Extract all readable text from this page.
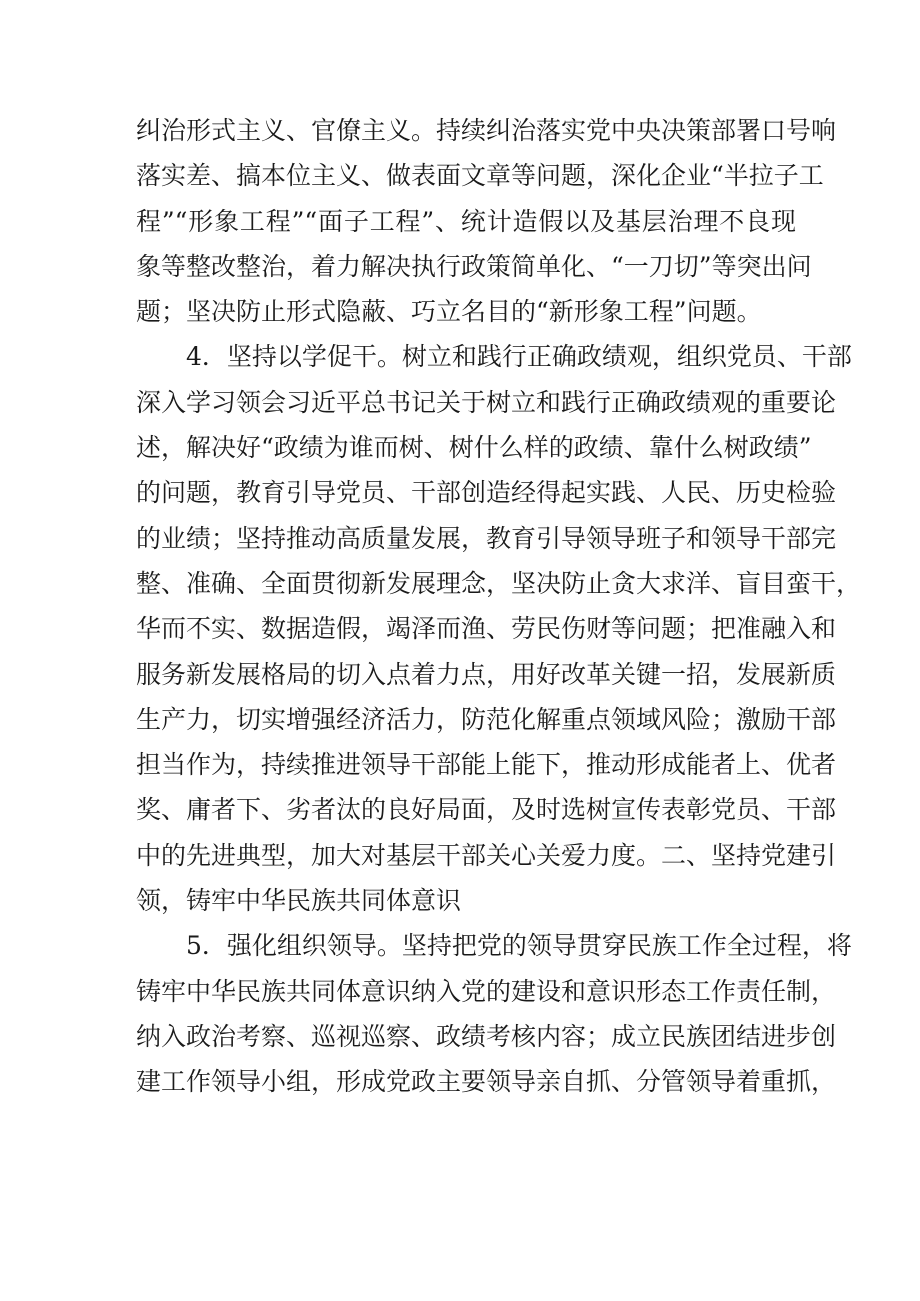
纠治形式主义、官僚主义。持续纠治落实党中央决策部署口号响
落实差、搞本位主义、做表面文章等问题，深化企业“半拉子工
程”“形象工程”“面子工程”、统计造假以及基层治理不良现
象等整改整治，着力解决执行政策简单化、“一刀切”等突出问
题；坚决防止形式隐蔽、巧立名目的“新形象工程”问题。
4．坚持以学促干。树立和践行正确政绩观，组织党员、干部
深入学习领会习近平总书记关于树立和践行正确政绩观的重要论
述，解决好“政绩为谁而树、树什么样的政绩、靠什么树政绩”
的问题，教育引导党员、干部创造经得起实践、人民、历史检验
的业绩；坚持推动高质量发展，教育引导领导班子和领导干部完
整、准确、全面贯彻新发展理念，坚决防止贪大求洋、盲目蛮干，
华而不实、数据造假，竭泽而渔、劳民伤财等问题；把准融入和
服务新发展格局的切入点着力点，用好改革关键一招，发展新质
生产力，切实增强经济活力，防范化解重点领域风险；激励干部
担当作为，持续推进领导干部能上能下，推动形成能者上、优者
奖、庸者下、劣者汰的良好局面，及时选树宣传表彰党员、干部
中的先进典型，加大对基层干部关心关爱力度。二、坚持党建引
领，铸牢中华民族共同体意识
5．强化组织领导。坚持把党的领导贯穿民族工作全过程，将
铸牢中华民族共同体意识纳入党的建设和意识形态工作责任制，
纳入政治考察、巡视巡察、政绩考核内容；成立民族团结进步创
建工作领导小组，形成党政主要领导亲自抓、分管领导着重抓，
